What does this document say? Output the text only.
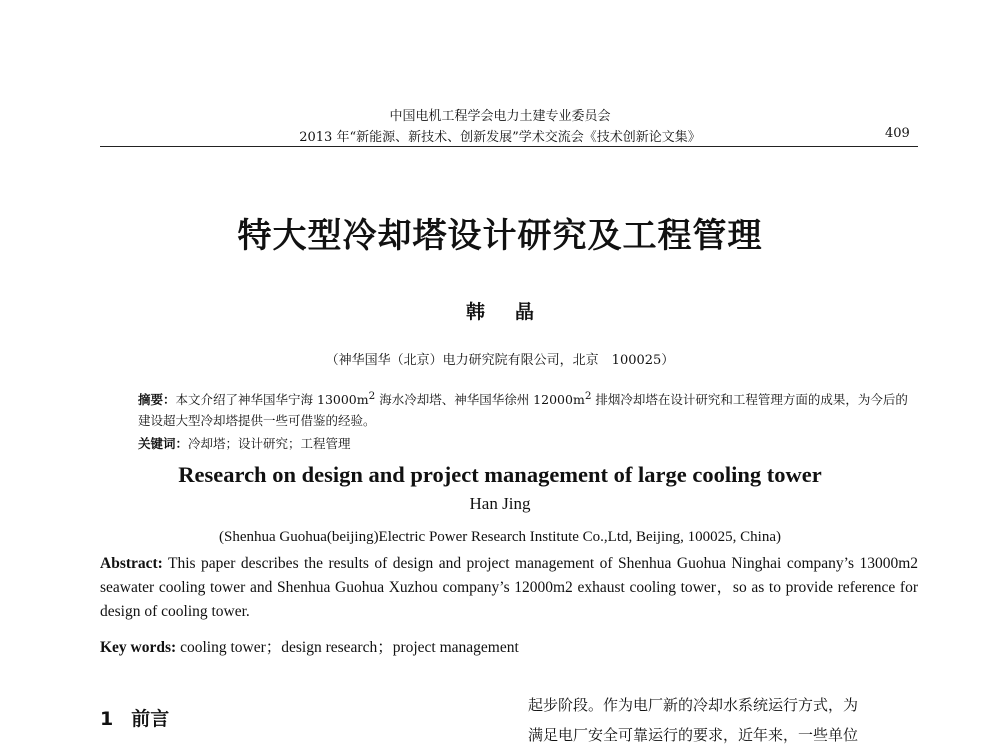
中国电机工程学会电力土建专业委员会
2013 年“新能源、新技术、创新发展”学术交流会《技术创新论文集》	409
特大型冷却塔设计研究及工程管理
韩晶
（神华国华（北京）电力研究院有限公司，北京　100025）
摘要：本文介绍了神华国华宁海 $13000m^2$ 海水冷却塔、神华国华徐州 $12000m^2$ 排烟冷却塔在设计研究和工程管理方面的成果，为今后的建设超大型冷却塔提供一些可借鉴的经验。
关键词：冷却塔；设计研究；工程管理
Research on design and project management of large cooling tower
Han Jing
(Shenhua Guohua(beijing)Electric Power Research Institute Co.,Ltd, Beijing, 100025, China)
Abstract: This paper describes the results of design and project management of Shenhua Guohua Ninghai company’s 13000m2 seawater cooling tower and Shenhua Guohua Xuzhou company’s 12000m2 exhaust cooling tower，so as to provide reference for design of cooling tower.
Key words: cooling tower；design research；project management
1 前言
起步阶段。作为电厂新的冷却水系统运行方式，为
满足电厂安全可靠运行的要求，近年来，一些单位
